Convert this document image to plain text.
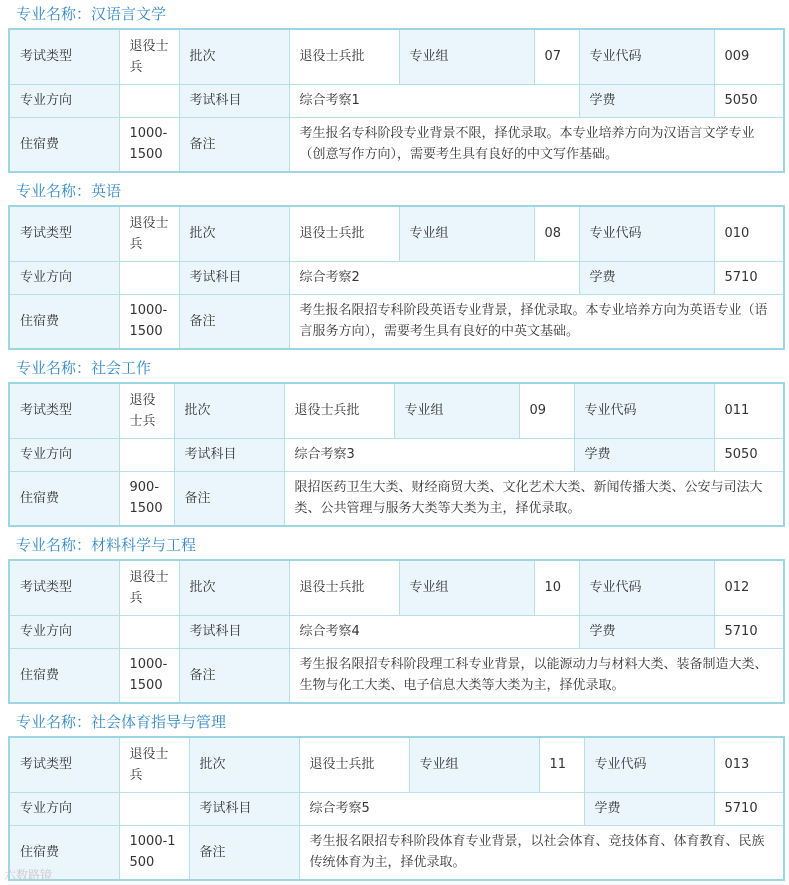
专业名称：汉语言文学
考试类型	退役士兵	批次	退役士兵批	专业组	07	专业代码	009
专业方向		考试科目	综合考察1			学费	5050
住宿费	1000-1500	备注	考生报名专科阶段专业背景不限，择优录取。本专业培养方向为汉语言文学专业（创意写作方向），需要考生具有良好的中文写作基础。				
专业名称：英语
考试类型	退役士兵	批次	退役士兵批	专业组	08	专业代码	010
专业方向		考试科目	综合考察2			学费	5710
住宿费	1000-1500	备注	考生报名限招专科阶段英语专业背景，择优录取。本专业培养方向为英语专业（语言服务方向），需要考生具有良好的中英文基础。				
专业名称：社会工作
考试类型	退役士兵	批次	退役士兵批	专业组	09	专业代码	011
专业方向		考试科目	综合考察3			学费	5050
住宿费	900-1500	备注	限招医药卫生大类、财经商贸大类、文化艺术大类、新闻传播大类、公安与司法大类、公共管理与服务大类等大类为主，择优录取。				
专业名称：材料科学与工程
考试类型	退役士兵	批次	退役士兵批	专业组	10	专业代码	012
专业方向		考试科目	综合考察4			学费	5710
住宿费	1000-1500	备注	考生报名限招专科阶段理工科专业背景，以能源动力与材料大类、装备制造大类、生物与化工大类、电子信息大类等大类为主，择优录取。				
专业名称：社会体育指导与管理
考试类型	退役士兵	批次	退役士兵批	专业组	11	专业代码	013
专业方向		考试科目	综合考察5			学费	5710
住宿费	1000-1500	备注	考生报名限招专科阶段体育专业背景，以社会体育、竞技体育、体育教育、民族传统体育为主，择优录取。				
六数路镜
